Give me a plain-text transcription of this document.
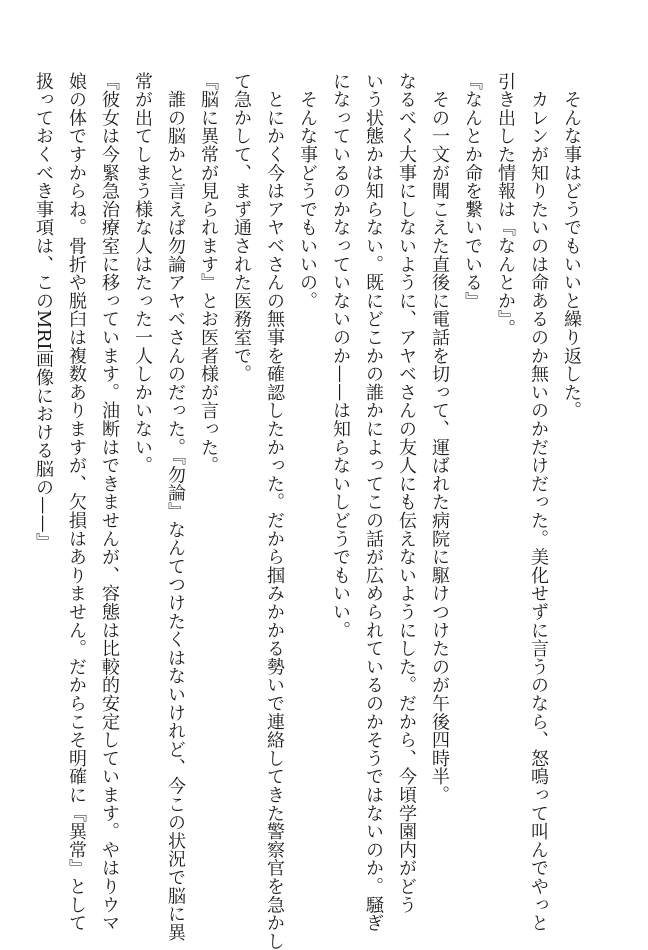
　そんな事はどうでもいいと繰り返した。

　カレンが知りたいのは命あるのか無いのかだけだった。美化せずに言うのなら、怒鳴って叫んでやっと

引き出した情報は『なんとか』。

『なんとか命を繋いでいる』

　その一文が聞こえた直後に電話を切って、運ばれた病院に駆けつけたのが午後四時半。

なるべく大事にしないように、アヤベさんの友人にも伝えないようにした。だから、今頃学園内がどう

いう状態かは知らない。既にどこかの誰かによってこの話が広められているのかそうではないのか。騒ぎ

になっているのかなっていないのか——は知らないしどうでもいい。

　そんな事どうでもいいの。

　とにかく今はアヤベさんの無事を確認したかった。だから掴みかかる勢いで連絡してきた警察官を急かし

て急かして、まず通された医務室で。

『脳に異常が見られます』とお医者様が言った。

　誰の脳かと言えば勿論アヤベさんのだった。『勿論』なんてつけたくはないけれど、今この状況で脳に異

常が出てしまう様な人はたった一人しかいない。

『彼女は今緊急治療室に移っています。油断はできませんが、容態は比較的安定しています。やはりウマ

娘の体ですからね。骨折や脱臼は複数ありますが、欠損はありません。だからこそ明確に『異常』として

扱っておくべき事項は、このMRI画像における脳の——』
